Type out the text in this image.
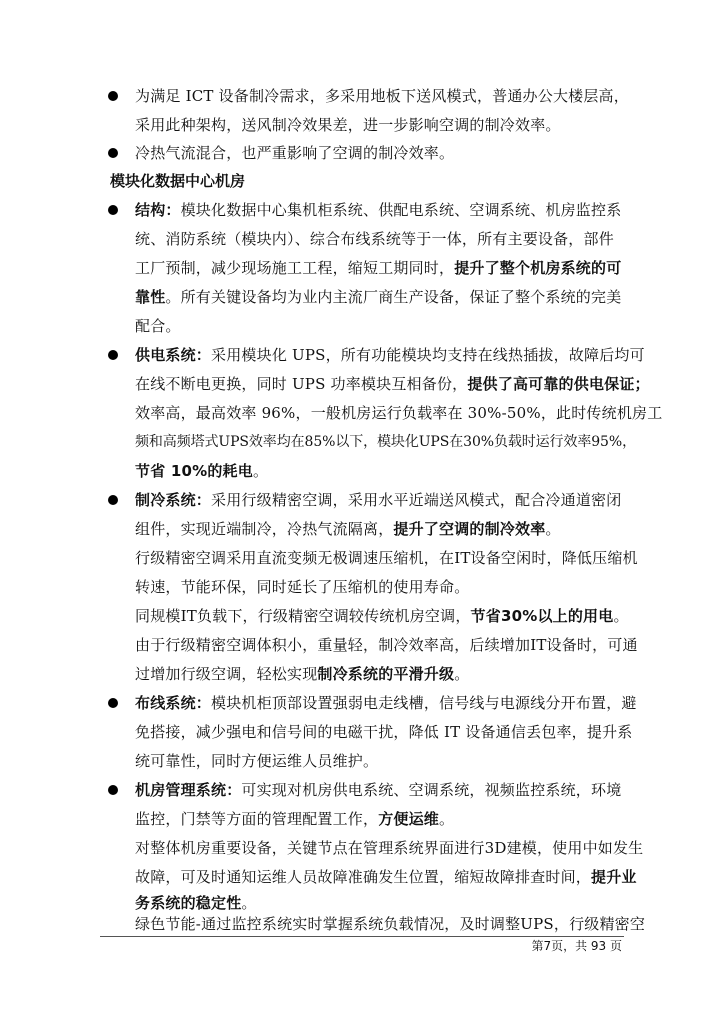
为满足 ICT 设备制冷需求，多采用地板下送风模式，普通办公大楼层高，
采用此种架构，送风制冷效果差，进一步影响空调的制冷效率。
冷热气流混合，也严重影响了空调的制冷效率。
模块化数据中心机房
结构：模块化数据中心集机柜系统、供配电系统、空调系统、机房监控系
统、消防系统（模块内）、综合布线系统等于一体，所有主要设备，部件
工厂预制，减少现场施工工程，缩短工期同时，提升了整个机房系统的可
靠性。所有关键设备均为业内主流厂商生产设备，保证了整个系统的完美
配合。
供电系统：采用模块化 UPS，所有功能模块均支持在线热插拔，故障后均可
在线不断电更换，同时 UPS 功率模块互相备份，提供了高可靠的供电保证；
效率高，最高效率 96%，一般机房运行负载率在 30%-50%，此时传统机房工
频和高频塔式UPS效率均在85%以下，模块化UPS在30%负载时运行效率95%，
节省 10%的耗电。
制冷系统：采用行级精密空调，采用水平近端送风模式，配合冷通道密闭
组件，实现近端制冷，冷热气流隔离，提升了空调的制冷效率。
行级精密空调采用直流变频无极调速压缩机，在IT设备空闲时，降低压缩机
转速，节能环保，同时延长了压缩机的使用寿命。
同规模IT负载下，行级精密空调较传统机房空调，节省30%以上的用电。
由于行级精密空调体积小，重量轻，制冷效率高，后续增加IT设备时，可通
过增加行级空调，轻松实现制冷系统的平滑升级。
布线系统：模块机柜顶部设置强弱电走线槽，信号线与电源线分开布置，避
免搭接，减少强电和信号间的电磁干扰，降低 IT 设备通信丢包率，提升系
统可靠性，同时方便运维人员维护。
机房管理系统：可实现对机房供电系统、空调系统，视频监控系统，环境
监控，门禁等方面的管理配置工作，方便运维。
对整体机房重要设备，关键节点在管理系统界面进行3D建模，使用中如发生
故障，可及时通知运维人员故障准确发生位置，缩短故障排查时间，提升业
务系统的稳定性。
绿色节能-通过监控系统实时掌握系统负载情况，及时调整UPS，行级精密空
第7页，共 93 页
